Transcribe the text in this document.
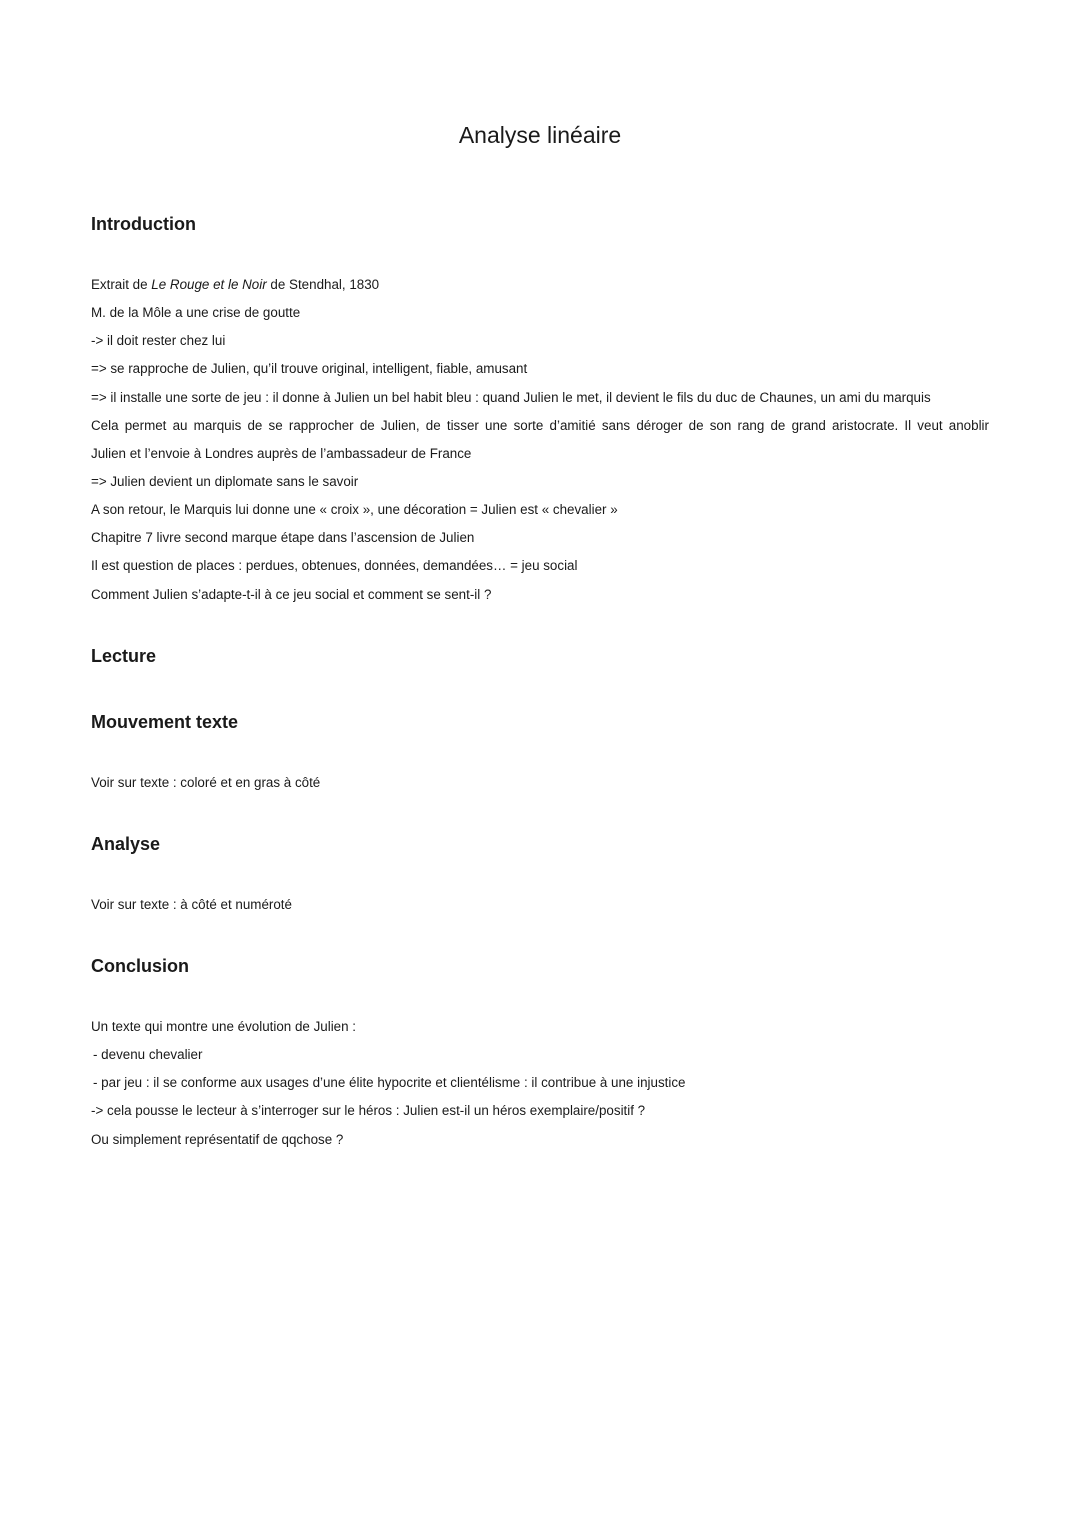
Analyse linéaire
Introduction
Extrait de Le Rouge et le Noir de Stendhal, 1830
M. de la Môle a une crise de goutte
-> il doit rester chez lui
=> se rapproche de Julien, qu’il trouve original, intelligent, fiable, amusant
=> il installe une sorte de jeu : il donne à Julien un bel habit bleu : quand Julien le met, il devient le fils du duc de Chaunes, un ami du marquis
Cela permet au marquis de se rapprocher de Julien, de tisser une sorte d’amitié sans déroger de son rang de grand aristocrate. Il veut anoblir
Julien et l’envoie à Londres auprès de l’ambassadeur de France
=> Julien devient un diplomate sans le savoir
A son retour, le Marquis lui donne une « croix », une décoration = Julien est « chevalier »
Chapitre 7 livre second marque étape dans l’ascension de Julien
Il est question de places : perdues, obtenues, données, demandées… = jeu social
Comment Julien s’adapte-t-il à ce jeu social et comment se sent-il ?
Lecture
Mouvement texte
Voir sur texte : coloré et en gras à côté
Analyse
Voir sur texte : à côté et numéroté
Conclusion
Un texte qui montre une évolution de Julien :
- devenu chevalier
- par jeu : il se conforme aux usages d’une élite hypocrite et clientélisme : il contribue à une injustice
-> cela pousse le lecteur à s’interroger sur le héros : Julien est-il un héros exemplaire/positif ?
Ou simplement représentatif de qqchose ?
